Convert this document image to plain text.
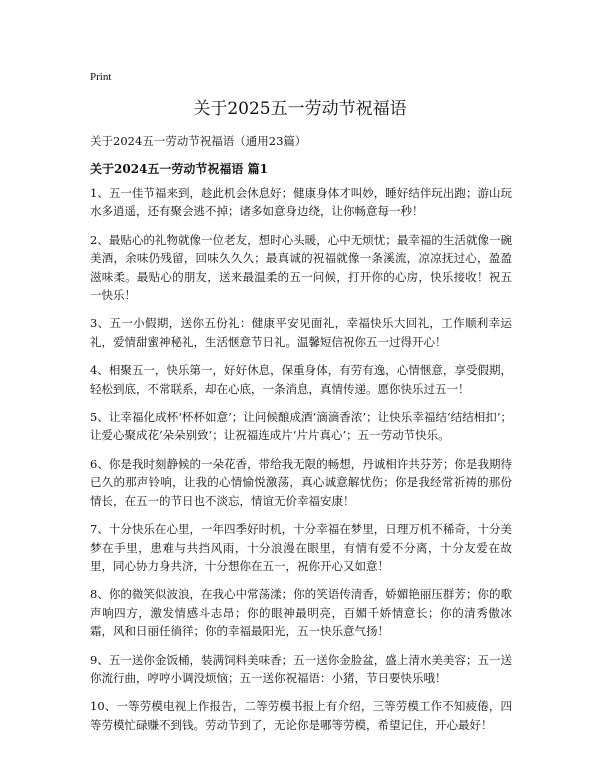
Print
关于2025五一劳动节祝福语
关于2024五一劳动节祝福语（通用23篇）
关于2024五一劳动节祝福语 篇1

1、五一佳节福来到，趁此机会休息好；健康身体才叫妙，睡好结伴玩出跑；游山玩水多逍遥，还有聚会逃不掉；诸多如意身边绕，让你畅意每一秒！

2、最贴心的礼物就像一位老友，想时心头暖，心中无烦忧；最幸福的生活就像一碗美酒，余味仍残留，回味久久久；最真诚的祝福就像一条溪流，凉凉抚过心，盈盈滋味柔。最贴心的朋友，送来最温柔的五一问候，打开你的心房，快乐接收！祝五一快乐！

3、五一小假期，送你五份礼：健康平安见面礼，幸福快乐大回礼，工作顺利幸运礼，爱情甜蜜神秘礼，生活惬意节日礼。温馨短信祝你五一过得开心！

4、相聚五一，快乐第一，好好休息，保重身体，有劳有逸，心情惬意，享受假期，轻松到底，不常联系，却在心底，一条消息，真情传递。愿你快乐过五一！

5、让幸福化成杯‘杯杯如意’；让问候酿成酒‘滴滴香浓’；让快乐幸福结‘结结相扣’；让爱心聚成花‘朵朵别致’；让祝福连成片‘片片真心’；五一劳动节快乐。

6、你是我时刻静候的一朵花香，带给我无限的畅想，丹诚相许共芬芳；你是我期待已久的那声铃响，让我的心情愉悦激荡，真心诚意解忧伤；你是我经常祈祷的那份情长，在五一的节日也不淡忘，情谊无价幸福安康！

7、十分快乐在心里，一年四季好时机，十分幸福在梦里，日理万机不稀奇，十分美梦在手里，患难与共挡风雨，十分浪漫在眼里，有情有爱不分离，十分友爱在故里，同心协力身共济，十分想你在五一，祝你开心又如意！

8、你的微笑似波浪，在我心中常荡漾；你的笑语传清香，娇媚艳丽压群芳；你的歌声响四方，激发情感斗志昂；你的眼神最明亮，百媚千娇情意长；你的清秀傲冰霜，风和日丽任徜徉；你的幸福最阳光，五一快乐意气扬！

9、五一送你金饭桶，装满饲料美味香；五一送你金脸盆，盛上清水美美容；五一送你流行曲，哼哼小调没烦恼；五一送你祝福语：小猪，节日要快乐哦！

10、一等劳模电视上作报告，二等劳模书报上有介绍，三等劳模工作不知疲倦，四等劳模忙碌赚不到钱。劳动节到了，无论你是哪等劳模，希望记住，开心最好！
